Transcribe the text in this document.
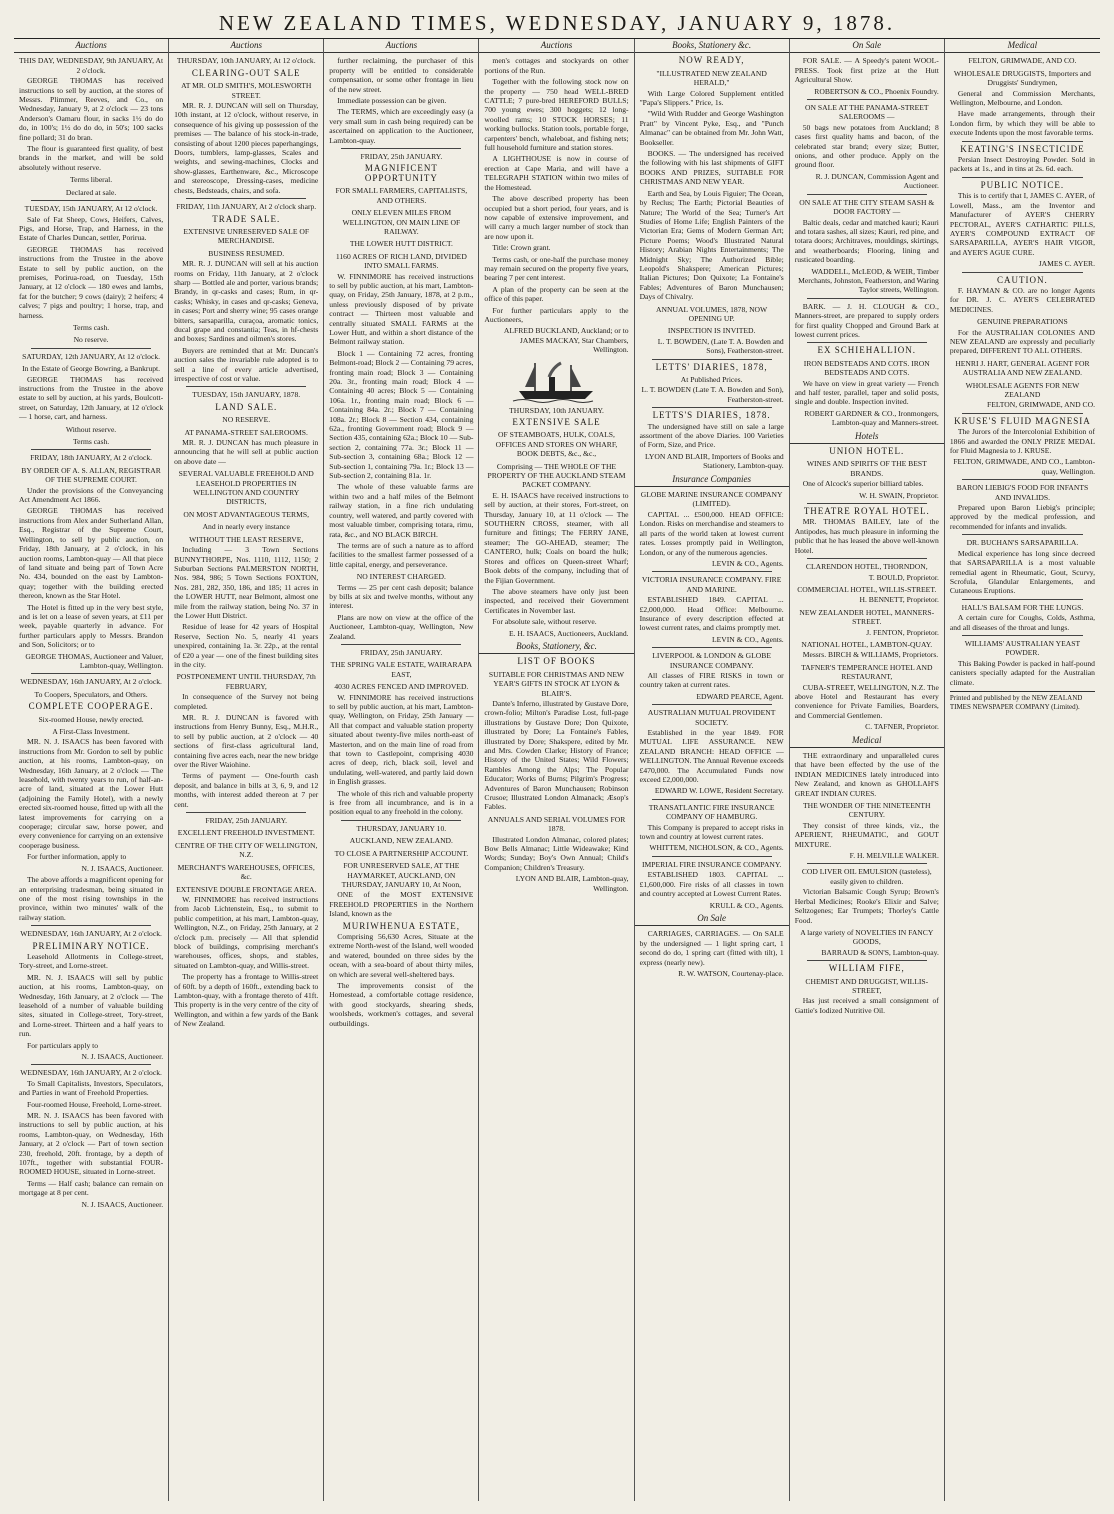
NEW ZEALAND TIMES, WEDNESDAY, JANUARY 9, 1878.
Auctions
THIS DAY, WEDNESDAY, 9th JANUARY, At 2 o'clock.
GEORGE THOMAS has received instructions to sell by auction, at the stores of Messrs. Plimmer, Reeves, and Co., on Wednesday, January 9, at 2 o'clock — 23 tons Anderson's Oamaru flour, in sacks 1½ do do do, in 100's; 1½ do do do, in 50's; 100 sacks fine pollard; 31 do bran.
The flour is guaranteed first quality, of best brands in the market, and will be sold absolutely without reserve.
Terms liberal.
Declared at sale.
TUESDAY, 15th JANUARY, At 12 o'clock.
Sale of Fat Sheep, Cows, Heifers, Calves, Pigs, and Horse, Trap, and Harness, in the Estate of Charles Duncan, settler, Porirua.
GEORGE THOMAS has received instructions from the Trustee in the above Estate to sell by public auction, on the premises, Porirua-road, on Tuesday, 15th January, at 12 o'clock — 180 ewes and lambs, fat for the butcher; 9 cows (dairy); 2 heifers; 4 calves; 7 pigs and poultry; 1 horse, trap, and harness.
Terms cash.
No reserve.
SATURDAY, 12th JANUARY, At 12 o'clock.
In the Estate of George Bowring, a Bankrupt.
GEORGE THOMAS has received instructions from the Trustee in the above estate to sell by auction, at his yards, Boulcott-street, on Saturday, 12th January, at 12 o'clock — 1 horse, cart, and harness.
Without reserve.
Terms cash.
FRIDAY, 18th JANUARY, At 2 o'clock.
BY ORDER OF A. S. ALLAN, REGISTRAR OF THE SUPREME COURT.
Under the provisions of the Conveyancing Act Amendment Act 1866.
GEORGE THOMAS has received instructions from Alex ander Sutherland Allan, Esq., Registrar of the Supreme Court, Wellington, to sell by public auction, on Friday, 18th January, at 2 o'clock, in his auction rooms, Lambton-quay — All that piece of land situate and being part of Town Acre No. 434, bounded on the east by Lambton-quay; together with the building erected thereon, known as the Star Hotel.
The Hotel is fitted up in the very best style, and is let on a lease of seven years, at £11 per week, payable quarterly in advance. For further particulars apply to Messrs. Brandon and Son, Solicitors; or to
GEORGE THOMAS, Auctioneer and Valuer, Lambton-quay, Wellington.
WEDNESDAY, 16th JANUARY, At 2 o'clock.
To Coopers, Speculators, and Others.
COMPLETE COOPERAGE.
Six-roomed House, newly erected.
A First-Class Investment.
MR. N. J. ISAACS has been favored with instructions from Mr. Gordon to sell by public auction, at his rooms, Lambton-quay, on Wednesday, 16th January, at 2 o'clock — The leasehold, with twenty years to run, of half-an-acre of land, situated at the Lower Hutt (adjoining the Family Hotel), with a newly erected six-roomed house, fitted up with all the latest improvements for carrying on a cooperage; circular saw, horse power, and every convenience for carrying on an extensive cooperage business.
For further information, apply to
N. J. ISAACS, Auctioneer.
The above affords a magnificent opening for an enterprising tradesman, being situated in one of the most rising townships in the province, within two minutes' walk of the railway station.
WEDNESDAY, 16th JANUARY, At 2 o'clock.
PRELIMINARY NOTICE.
Leasehold Allotments in College-street, Tory-street, and Lorne-street.
MR. N. J. ISAACS will sell by public auction, at his rooms, Lambton-quay, on Wednesday, 16th January, at 2 o'clock — The leasehold of a number of valuable building sites, situated in College-street, Tory-street, and Lorne-street. Thirteen and a half years to run.
For particulars apply to
N. J. ISAACS, Auctioneer.
WEDNESDAY, 16th JANUARY, At 2 o'clock.
To Small Capitalists, Investors, Speculators, and Parties in want of Freehold Properties.
Four-roomed House, Freehold, Lorne-street.
MR. N. J. ISAACS has been favored with instructions to sell by public auction, at his rooms, Lambton-quay, on Wednesday, 16th January, at 2 o'clock — Part of town section 230, freehold, 20ft. frontage, by a depth of 107ft., together with substantial FOUR-ROOMED HOUSE, situated in Lorne-street.
Terms — Half cash; balance can remain on mortgage at 8 per cent.
N. J. ISAACS, Auctioneer.
Auctions
THURSDAY, 10th JANUARY, At 12 o'clock.
CLEARING-OUT SALE
AT MR. OLD SMITH'S, MOLESWORTH STREET.
MR. R. J. DUNCAN will sell on Thursday, 10th instant, at 12 o'clock, without reserve, in consequence of his giving up possession of the premises — The balance of his stock-in-trade, consisting of about 1200 pieces paperhangings, Doors, tumblers, lamp-glasses, Scales and weights, and sewing-machines, Clocks and show-glasses, Earthenware, &c., Microscope and stereoscope, Dressing-cases, medicine chests, Bedsteads, chairs, and sofa.
FRIDAY, 11th JANUARY, At 2 o'clock sharp.
TRADE SALE.
EXTENSIVE UNRESERVED SALE OF MERCHANDISE.
BUSINESS RESUMED.
MR. R. J. DUNCAN will sell at his auction rooms on Friday, 11th January, at 2 o'clock sharp — Bottled ale and porter, various brands; Brandy, in qr-casks and cases; Rum, in qr-casks; Whisky, in cases and qr-casks; Geneva, in cases; Port and sherry wine; 95 cases orange bitters, sarsaparilla, curaçoa, aromatic tonics, ducal grape and constantia; Teas, in hf-chests and boxes; Sardines and oilmen's stores.
Buyers are reminded that at Mr. Duncan's auction sales the invariable rule adopted is to sell a line of every article advertised, irrespective of cost or value.
TUESDAY, 15th JANUARY, 1878.
LAND SALE.
NO RESERVE.
AT PANAMA-STREET SALEROOMS.
MR. R. J. DUNCAN has much pleasure in announcing that he will sell at public auction on above date —
SEVERAL VALUABLE FREEHOLD AND LEASEHOLD PROPERTIES IN WELLINGTON AND COUNTRY DISTRICTS,
ON MOST ADVANTAGEOUS TERMS,
And in nearly every instance
WITHOUT THE LEAST RESERVE,
Including — 3 Town Sections BUNNYTHORPE, Nos. 1110, 1112, 1150; 2 Suburban Sections PALMERSTON NORTH, Nos. 984, 986; 5 Town Sections FOXTON, Nos. 281, 282, 350, 186, and 185; 11 acres in the LOWER HUTT, near Belmont, almost one mile from the railway station, being No. 37 in the Lower Hutt District.
Residue of lease for 42 years of Hospital Reserve, Section No. 5, nearly 41 years unexpired, containing 1a. 3r. 22p., at the rental of £20 a year — one of the finest building sites in the city.
POSTPONEMENT UNTIL THURSDAY, 7th FEBRUARY,
In consequence of the Survey not being completed.
MR. R. J. DUNCAN is favored with instructions from Henry Bunny, Esq., M.H.R., to sell by public auction, at 2 o'clock — 40 sections of first-class agricultural land, containing five acres each, near the new bridge over the River Waiohine.
Terms of payment — One-fourth cash deposit, and balance in bills at 3, 6, 9, and 12 months, with interest added thereon at 7 per cent.
FRIDAY, 25th JANUARY.
EXCELLENT FREEHOLD INVESTMENT.
CENTRE OF THE CITY OF WELLINGTON, N.Z.
MERCHANT'S WAREHOUSES, OFFICES, &c.
EXTENSIVE DOUBLE FRONTAGE AREA.
W. FINNIMORE has received instructions from Jacob Lichtenstein, Esq., to submit to public competition, at his mart, Lambton-quay, Wellington, N.Z., on Friday, 25th January, at 2 o'clock p.m. precisely — All that splendid block of buildings, comprising merchant's warehouses, offices, shops, and stables, situated on Lambton-quay, and Willis-street.
The property has a frontage to Willis-street of 60ft. by a depth of 160ft., extending back to Lambton-quay, with a frontage thereto of 41ft. This property is in the very centre of the city of Wellington, and within a few yards of the Bank of New Zealand.
Auctions
further reclaiming, the purchaser of this property will be entitled to considerable compensation, or some other frontage in lieu of the new street.
Immediate possession can be given.
The TERMS, which are exceedingly easy (a very small sum in cash being required) can be ascertained on application to the Auctioneer, Lambton-quay.
FRIDAY, 25th JANUARY.
MAGNIFICENT OPPORTUNITY
FOR SMALL FARMERS, CAPITALISTS, AND OTHERS.
ONLY ELEVEN MILES FROM WELLINGTON, ON MAIN LINE OF RAILWAY.
THE LOWER HUTT DISTRICT.
1160 ACRES OF RICH LAND, DIVIDED INTO SMALL FARMS.
W. FINNIMORE has received instructions to sell by public auction, at his mart, Lambton-quay, on Friday, 25th January, 1878, at 2 p.m., unless previously disposed of by private contract — Thirteen most valuable and centrally situated SMALL FARMS at the Lower Hutt, and within a short distance of the Belmont railway station.
Block 1 — Containing 72 acres, fronting Belmont-road; Block 2 — Containing 79 acres, fronting main road; Block 3 — Containing 20a. 3r., fronting main road; Block 4 — Containing 40 acres; Block 5 — Containing 106a. 1r., fronting main road; Block 6 — Containing 84a. 2r.; Block 7 — Containing 108a. 2r.; Block 8 — Section 434, containing 62a., fronting Government road; Block 9 — Section 435, containing 62a.; Block 10 — Sub-section 2, containing 77a. 3r.; Block 11 — Sub-section 3, containing 68a.; Block 12 — Sub-section 1, containing 79a. 1r.; Block 13 — Sub-section 2, containing 81a. 1r.
The whole of these valuable farms are within two and a half miles of the Belmont railway station, in a fine rich undulating country, well watered, and partly covered with most valuable timber, comprising totara, rimu, rata, &c., and NO BLACK BIRCH.
The terms are of such a nature as to afford facilities to the smallest farmer possessed of a little capital, energy, and perseverance.
NO INTEREST CHARGED.
Terms — 25 per cent cash deposit; balance by bills at six and twelve months, without any interest.
Plans are now on view at the office of the Auctioneer, Lambton-quay, Wellington, New Zealand.
FRIDAY, 25th JANUARY.
THE SPRING VALE ESTATE, WAIRARAPA EAST,
4030 ACRES FENCED AND IMPROVED.
W. FINNIMORE has received instructions to sell by public auction, at his mart, Lambton-quay, Wellington, on Friday, 25th January — All that compact and valuable station property situated about twenty-five miles north-east of Masterton, and on the main line of road from that town to Castlepoint, comprising 4030 acres of deep, rich, black soil, level and undulating, well-watered, and partly laid down in English grasses.
The whole of this rich and valuable property is free from all incumbrance, and is in a position equal to any freehold in the colony.
THURSDAY, JANUARY 10.
AUCKLAND, NEW ZEALAND.
TO CLOSE A PARTNERSHIP ACCOUNT.
FOR UNRESERVED SALE, AT THE HAYMARKET, AUCKLAND, ON THURSDAY, JANUARY 10, At Noon,
ONE of the MOST EXTENSIVE FREEHOLD PROPERTIES in the Northern Island, known as the
MURIWHENUA ESTATE,
Comprising 56,630 Acres, Situate at the extreme North-west of the Island, well wooded and watered, bounded on three sides by the ocean, with a sea-board of about thirty miles, on which are several well-sheltered bays.
The improvements consist of the Homestead, a comfortable cottage residence, with good stockyards, shearing sheds, woolsheds, workmen's cottages, and several outbuildings.
Auctions
men's cottages and stockyards on other portions of the Run.
Together with the following stock now on the property — 750 head WELL-BRED CATTLE; 7 pure-bred HEREFORD BULLS; 700 young ewes; 300 hoggets; 12 long-woolled rams; 10 STOCK HORSES; 11 working bullocks. Station tools, portable forge, carpenters' bench, whaleboat, and fishing nets; full household furniture and station stores.
A LIGHTHOUSE is now in course of erection at Cape Maria, and will have a TELEGRAPH STATION within two miles of the Homestead.
The above described property has been occupied but a short period, four years, and is now capable of extensive improvement, and will carry a much larger number of stock than are now upon it.
Title: Crown grant.
Terms cash, or one-half the purchase money may remain secured on the property five years, bearing 7 per cent interest.
A plan of the property can be seen at the office of this paper.
For further particulars apply to the Auctioneers,
ALFRED BUCKLAND, Auckland; or to JAMES MACKAY, Star Chambers, Wellington.
THURSDAY, 10th JANUARY.
EXTENSIVE SALE
OF STEAMBOATS, HULK, COALS, OFFICES AND STORES ON WHARF, BOOK DEBTS, &c., &c.,
Comprising — THE WHOLE OF THE PROPERTY OF THE AUCKLAND STEAM PACKET COMPANY.
E. H. ISAACS have received instructions to sell by auction, at their stores, Fort-street, on Thursday, January 10, at 11 o'clock — The SOUTHERN CROSS, steamer, with all furniture and fittings; The FERRY JANE, steamer; The GO-AHEAD, steamer; The CANTERO, hulk; Coals on board the hulk; Stores and offices on Queen-street Wharf; Book debts of the company, including that of the Fijian Government.
The above steamers have only just been inspected, and received their Government Certificates in November last.
For absolute sale, without reserve.
E. H. ISAACS, Auctioneers, Auckland.
Books, Stationery, &c.
LIST OF BOOKS
SUITABLE FOR CHRISTMAS AND NEW YEAR'S GIFTS IN STOCK AT LYON & BLAIR'S.
Dante's Inferno, illustrated by Gustave Dore, crown-folio; Milton's Paradise Lost, full-page illustrations by Gustave Dore; Don Quixote, illustrated by Dore; La Fontaine's Fables, illustrated by Dore; Shakspere, edited by Mr. and Mrs. Cowden Clarke; History of France; History of the United States; Wild Flowers; Rambles Among the Alps; The Popular Educator; Works of Burns; Pilgrim's Progress; Adventures of Baron Munchausen; Robinson Crusoe; Illustrated London Almanack; Æsop's Fables.
ANNUALS AND SERIAL VOLUMES FOR 1878.
Illustrated London Almanac, colored plates; Bow Bells Almanac; Little Wideawake; Kind Words; Sunday; Boy's Own Annual; Child's Companion; Children's Treasury.
LYON AND BLAIR, Lambton-quay, Wellington.
Books, Stationery &c.
NOW READY,
"ILLUSTRATED NEW ZEALAND HERALD,"
With Large Colored Supplement entitled "Papa's Slippers." Price, 1s.
"Wild With Rudder and George Washington Pratt" by Vincent Pyke, Esq., and "Punch Almanac" can be obtained from Mr. John Watt, Bookseller.
BOOKS. — The undersigned has received the following with his last shipments of GIFT BOOKS AND PRIZES, SUITABLE FOR CHRISTMAS AND NEW YEAR.
Earth and Sea, by Louis Figuier; The Ocean, by Reclus; The Earth; Pictorial Beauties of Nature; The World of the Sea; Turner's Art Studies of Home Life; English Painters of the Victorian Era; Gems of Modern German Art; Picture Poems; Wood's Illustrated Natural History; Arabian Nights Entertainments; The Midnight Sky; The Authorized Bible; Leopold's Shakspere; American Pictures; Italian Pictures; Don Quixote; La Fontaine's Fables; Adventures of Baron Munchausen; Days of Chivalry.
ANNUAL VOLUMES, 1878, NOW OPENING UP.
INSPECTION IS INVITED.
L. T. BOWDEN, (Late T. A. Bowden and Sons), Featherston-street.
LETTS' DIARIES, 1878,
At Published Prices.
L. T. BOWDEN (Late T. A. Bowden and Son), Featherston-street.
LETTS'S DIARIES, 1878.
The undersigned have still on sale a large assortment of the above Diaries. 100 Varieties of Form, Size, and Price.
LYON AND BLAIR, Importers of Books and Stationery, Lambton-quay.
Insurance Companies
GLOBE MARINE INSURANCE COMPANY (LIMITED).
CAPITAL ... £500,000. HEAD OFFICE: London. Risks on merchandise and steamers to all parts of the world taken at lowest current rates. Losses promptly paid in Wellington, London, or any of the numerous agencies.
LEVIN & CO., Agents.
VICTORIA INSURANCE COMPANY. FIRE AND MARINE.
ESTABLISHED 1849. CAPITAL ... £2,000,000. Head Office: Melbourne. Insurance of every description effected at lowest current rates, and claims promptly met.
LEVIN & CO., Agents.
LIVERPOOL & LONDON & GLOBE INSURANCE COMPANY.
All classes of FIRE RISKS in town or country taken at current rates.
EDWARD PEARCE, Agent.
AUSTRALIAN MUTUAL PROVIDENT SOCIETY.
Established in the year 1849. FOR MUTUAL LIFE ASSURANCE. NEW ZEALAND BRANCH: HEAD OFFICE — WELLINGTON. The Annual Revenue exceeds £470,000. The Accumulated Funds now exceed £2,000,000.
EDWARD W. LOWE, Resident Secretary.
TRANSATLANTIC FIRE INSURANCE COMPANY OF HAMBURG.
This Company is prepared to accept risks in town and country at lowest current rates.
WHITTEM, NICHOLSON, & CO., Agents.
IMPERIAL FIRE INSURANCE COMPANY.
ESTABLISHED 1803. CAPITAL ... £1,600,000. Fire risks of all classes in town and country accepted at Lowest Current Rates.
KRULL & CO., Agents.
On Sale
CARRIAGES, CARRIAGES. — On SALE by the undersigned — 1 light spring cart, 1 second do do, 1 spring cart (fitted with tilt), 1 express (nearly new).
R. W. WATSON, Courtenay-place.
On Sale
FOR SALE. — A Speedy's patent WOOL-PRESS. Took first prize at the Hutt Agricultural Show.
ROBERTSON & CO., Phoenix Foundry.
ON SALE AT THE PANAMA-STREET SALEROOMS —
50 bags new potatoes from Auckland; 8 cases first quality hams and bacon, of the celebrated star brand; every size; Butter, onions, and other produce. Apply on the ground floor.
R. J. DUNCAN, Commission Agent and Auctioneer.
ON SALE AT THE CITY STEAM SASH & DOOR FACTORY —
Baltic deals, cedar and matched kauri; Kauri and totara sashes, all sizes; Kauri, red pine, and totara doors; Architraves, mouldings, skirtings, and weatherboards; Flooring, lining and rusticated boarding.
WADDELL, McLEOD, & WEIR, Timber Merchants, Johnston, Featherston, and Waring Taylor streets, Wellington.
BARK. — J. H. CLOUGH & CO., Manners-street, are prepared to supply orders for first quality Chopped and Ground Bark at lowest current prices.
EX SCHIEHALLION.
IRON BEDSTEADS AND COTS. IRON BEDSTEADS AND COTS.
We have on view in great variety — French and half tester, parallel, taper and solid posts, single and double. Inspection invited.
ROBERT GARDNER & CO., Ironmongers, Lambton-quay and Manners-street.
Hotels
UNION HOTEL.
WINES AND SPIRITS OF THE BEST BRANDS.
One of Alcock's superior billiard tables.
W. H. SWAIN, Proprietor.
THEATRE ROYAL HOTEL.
MR. THOMAS BAILEY, late of the Antipodes, has much pleasure in informing the public that he has leased the above well-known Hotel.
CLARENDON HOTEL, THORNDON,
T. BOULD, Proprietor.
COMMERCIAL HOTEL, WILLIS-STREET.
H. BENNETT, Proprietor.
NEW ZEALANDER HOTEL, MANNERS-STREET.
J. FENTON, Proprietor.
NATIONAL HOTEL, LAMBTON-QUAY.
Messrs. BIRCH & WILLIAMS, Proprietors.
TAFNER'S TEMPERANCE HOTEL AND RESTAURANT,
CUBA-STREET, WELLINGTON, N.Z. The above Hotel and Restaurant has every convenience for Private Families, Boarders, and Commercial Gentlemen.
C. TAFNER, Proprietor.
Medical
THE extraordinary and unparalleled cures that have been effected by the use of the INDIAN MEDICINES lately introduced into New Zealand, and known as GHOLLAH'S GREAT INDIAN CURES.
THE WONDER OF THE NINETEENTH CENTURY.
They consist of three kinds, viz., the APERIENT, RHEUMATIC, and GOUT MIXTURE.
F. H. MELVILLE WALKER.
COD LIVER OIL EMULSION (tasteless), easily given to children.
Victorian Balsamic Cough Syrup; Brown's Herbal Medicines; Rooke's Elixir and Salve; Seltzogenes; Ear Trumpets; Thorley's Cattle Food.
A large variety of NOVELTIES IN FANCY GOODS,
BARRAUD & SON'S, Lambton-quay.
WILLIAM FIFE,
CHEMIST AND DRUGGIST, WILLIS-STREET,
Has just received a small consignment of Gattie's Iodized Nutritive Oil.
Medical
FELTON, GRIMWADE, AND CO.
WHOLESALE DRUGGISTS, Importers and Druggists' Sundrymen,
General and Commission Merchants, Wellington, Melbourne, and London.
Have made arrangements, through their London firm, by which they will be able to execute Indents upon the most favorable terms.
KEATING'S INSECTICIDE
Persian Insect Destroying Powder. Sold in packets at 1s., and in tins at 2s. 6d. each.
PUBLIC NOTICE.
This is to certify that I, JAMES C. AYER, of Lowell, Mass., am the Inventor and Manufacturer of AYER'S CHERRY PECTORAL, AYER'S CATHARTIC PILLS, AYER'S COMPOUND EXTRACT OF SARSAPARILLA, AYER'S HAIR VIGOR, and AYER'S AGUE CURE.
JAMES C. AYER.
CAUTION.
F. HAYMAN & CO. are no longer Agents for DR. J. C. AYER'S CELEBRATED MEDICINES.
GENUINE PREPARATIONS
For the AUSTRALIAN COLONIES AND NEW ZEALAND are expressly and peculiarly prepared, DIFFERENT TO ALL OTHERS.
HENRI J. HART, GENERAL AGENT FOR AUSTRALIA AND NEW ZEALAND.
WHOLESALE AGENTS FOR NEW ZEALAND
FELTON, GRIMWADE, AND CO.
KRUSE'S FLUID MAGNESIA
The Jurors of the Intercolonial Exhibition of 1866 and awarded the ONLY PRIZE MEDAL for Fluid Magnesia to J. KRUSE.
FELTON, GRIMWADE, AND CO., Lambton-quay, Wellington.
BARON LIEBIG'S FOOD FOR INFANTS AND INVALIDS.
Prepared upon Baron Liebig's principle; approved by the medical profession, and recommended for infants and invalids.
DR. BUCHAN'S SARSAPARILLA.
Medical experience has long since decreed that SARSAPARILLA is a most valuable remedial agent in Rheumatic, Gout, Scurvy, Scrofula, Glandular Enlargements, and Cutaneous Eruptions.
HALL'S BALSAM FOR THE LUNGS.
A certain cure for Coughs, Colds, Asthma, and all diseases of the throat and lungs.
WILLIAMS' AUSTRALIAN YEAST POWDER.
This Baking Powder is packed in half-pound canisters specially adapted for the Australian climate.
Printed and published by the NEW ZEALAND TIMES NEWSPAPER COMPANY (Limited).
